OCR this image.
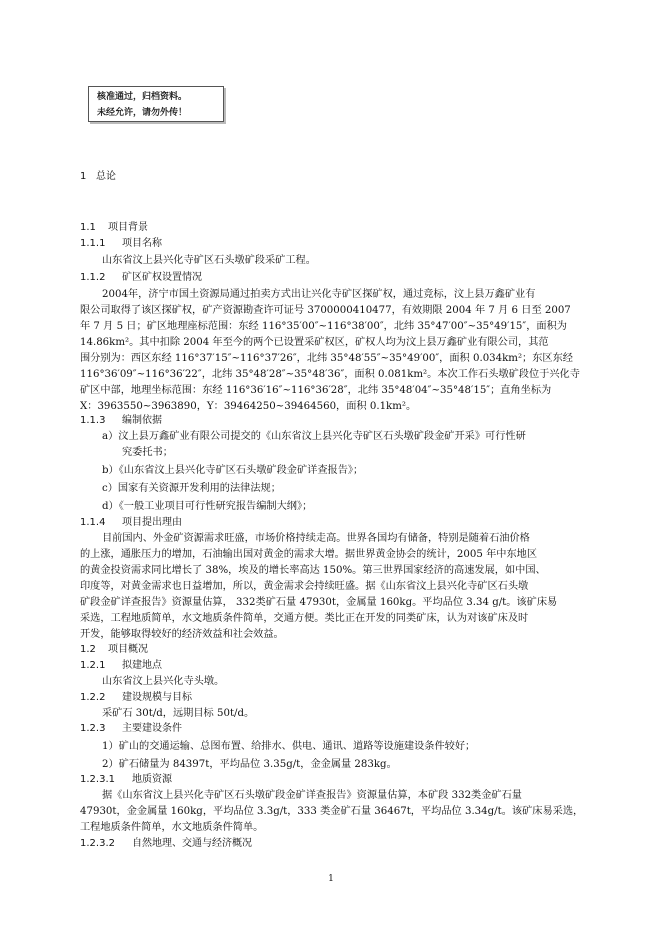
核准通过，归档资料。
未经允许，请勿外传！
1 总论
1.1 项目背景
1.1.1 项目名称
山东省汶上县兴化寺矿区石头墩矿段采矿工程。
1.1.2 矿区矿权设置情况
2004年，济宁市国土资源局通过拍卖方式出让兴化寺矿区探矿权，通过竞标，汶上县万鑫矿业有
限公司取得了该区探矿权，矿产资源勘查许可证号 3700000410477，有效期限 2004 年 7 月 6 日至 2007
年 7 月 5 日；矿区地理座标范围：东经 116°35′00″~116°38′00″，北纬 35°47′00″~35°49′15″，面积为
14.86km²。其中扣除 2004 年至今的两个已设置采矿权区，矿权人均为汶上县万鑫矿业有限公司，其范
围分别为：西区东经 116°37′15″~116°37′26″，北纬 35°48′55″~35°49′00″，面积 0.034km²；东区东经
116°36′09″~116°36′22″，北纬 35°48′28″~35°48′36″，面积 0.081km²。本次工作石头墩矿段位于兴化寺
矿区中部，地理坐标范围：东经 116°36′16″~116°36′28″，北纬 35°48′04″~35°48′15″；直角坐标为
X：3963550~3963890，Y：39464250~39464560，面积 0.1km²。
1.1.3 编制依据
a）汶上县万鑫矿业有限公司提交的《山东省汶上县兴化寺矿区石头墩矿段金矿开采》可行性研
究委托书；
b）《山东省汶上县兴化寺矿区石头墩矿段金矿详查报告》；
c）国家有关资源开发利用的法律法规；
d）《一般工业项目可行性研究报告编制大纲》；
1.1.4 项目提出理由
目前国内、外金矿资源需求旺盛，市场价格持续走高。世界各国均有储备，特别是随着石油价格
的上涨，通胀压力的增加，石油输出国对黄金的需求大增。据世界黄金协会的统计，2005 年中东地区
的黄金投资需求同比增长了 38%，埃及的增长率高达 150%。第三世界国家经济的高速发展，如中国、
印度等，对黄金需求也日益增加，所以，黄金需求会持续旺盛。据《山东省汶上县兴化寺矿区石头墩
矿段金矿详查报告》资源量估算， 332类矿石量 47930t，金属量 160kg。平均品位 3.34 g/t。该矿床易
采选，工程地质简单，水文地质条件简单，交通方便。类比正在开发的同类矿床，认为对该矿床及时
开发，能够取得较好的经济效益和社会效益。
1.2 项目概况
1.2.1 拟建地点
山东省汶上县兴化寺头墩。
1.2.2 建设规模与目标
采矿石 30t/d，远期目标 50t/d。
1.2.3 主要建设条件
1）矿山的交通运输、总图布置、给排水、供电、通讯、道路等设施建设条件较好；
2）矿石储量为 84397t，平均品位 3.35g/t，金金属量 283kg。
1.2.3.1 地质资源
据《山东省汶上县兴化寺矿区石头墩矿段金矿详查报告》资源量估算，本矿段 332类金矿石量
47930t，金金属量 160kg，平均品位 3.3g/t，333 类金矿石量 36467t，平均品位 3.34g/t。该矿床易采选，
工程地质条件简单，水文地质条件简单。
1.2.3.2 自然地理、交通与经济概况
1
